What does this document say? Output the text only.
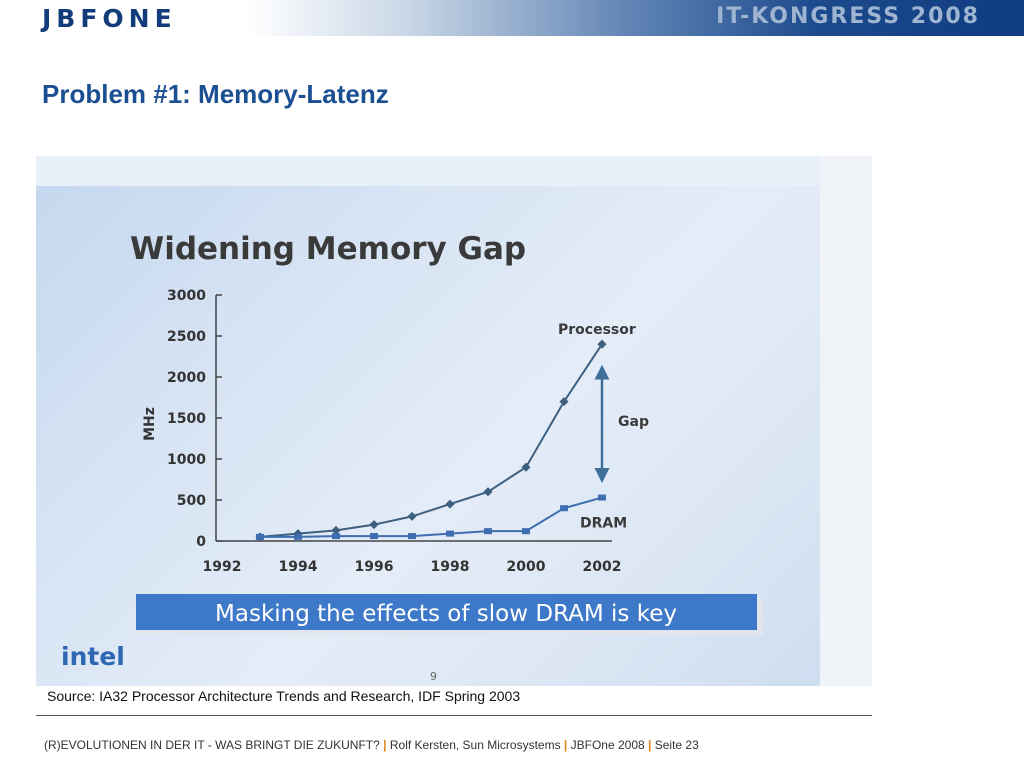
JBFONE	IT-KONGRESS 2008
Problem #1: Memory-Latenz
Widening Memory Gap
0
500
1000
1500
2000
2500
3000
1992	1994	1996	1998	2000	2002
MHz
Processor
DRAM
Gap
Masking the effects of slow DRAM is key
intel
9
Source: IA32 Processor Architecture Trends and Research, IDF Spring 2003
(R)EVOLUTIONEN IN DER IT - WAS BRINGT DIE ZUKUNFT? | Rolf Kersten, Sun Microsystems | JBFOne 2008 | Seite 23
